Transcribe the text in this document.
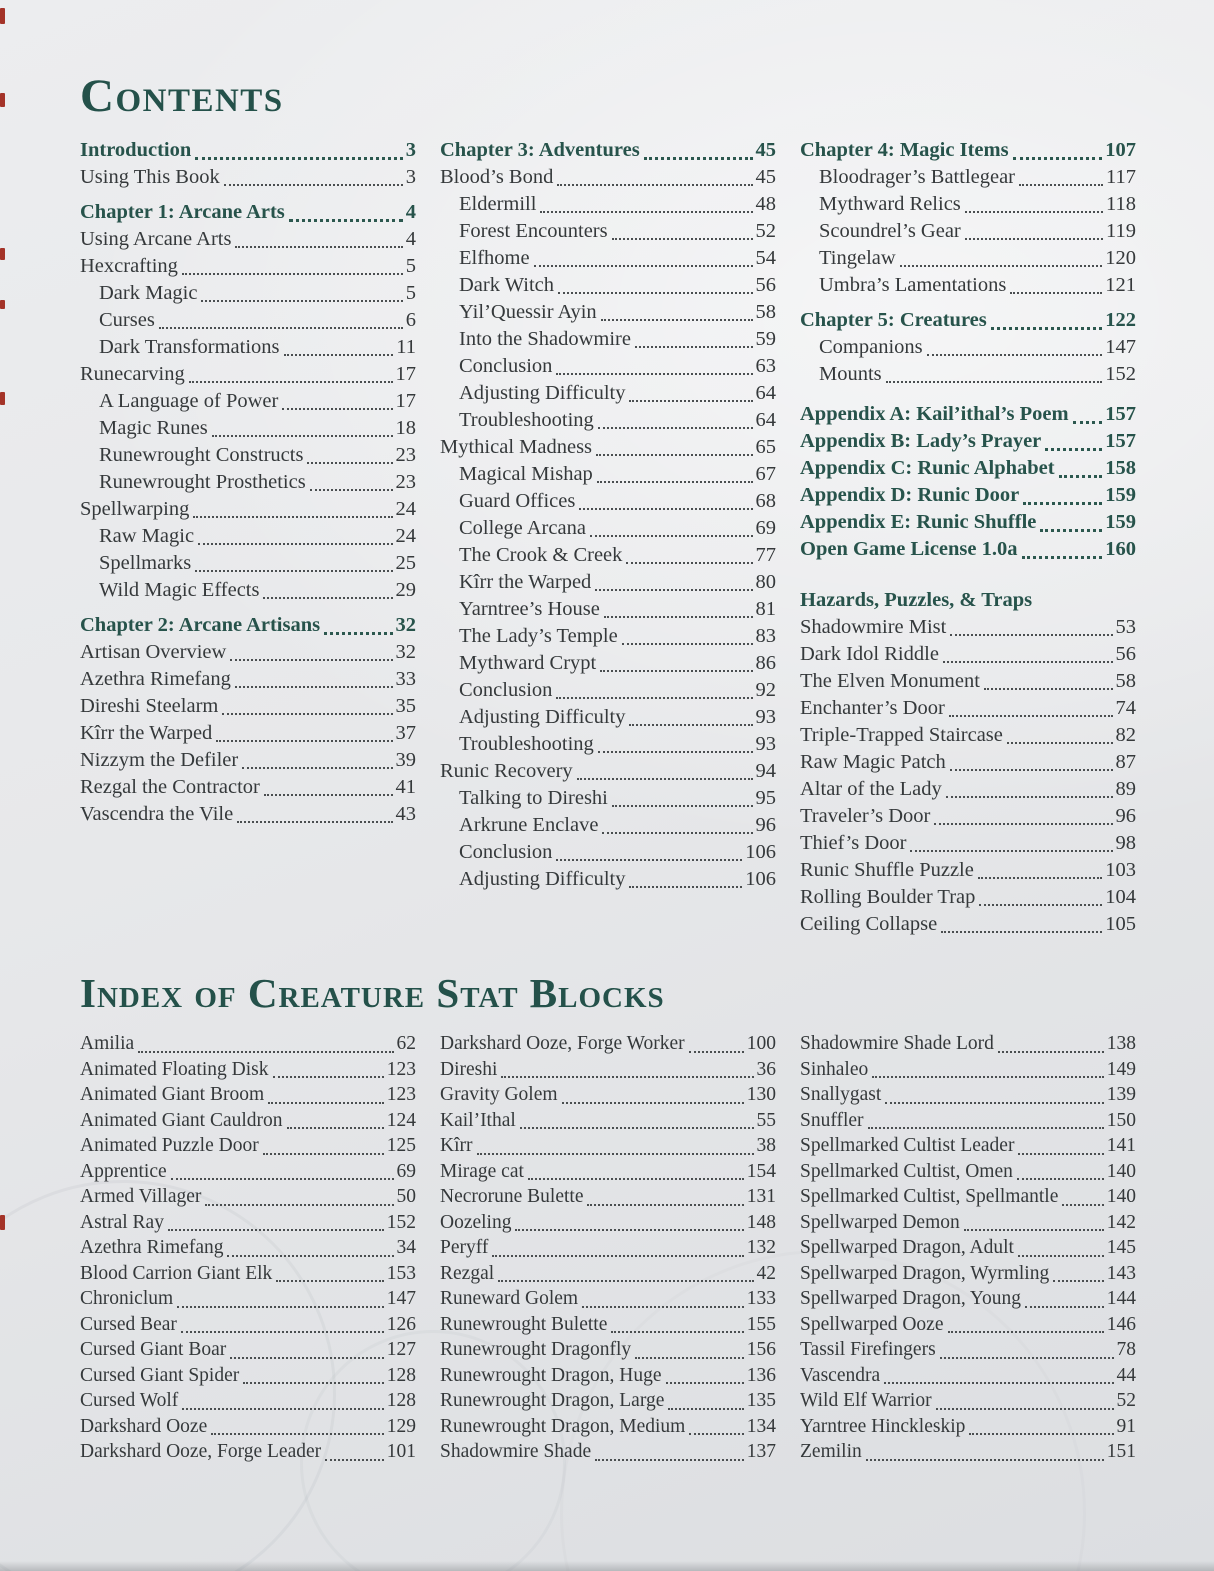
Contents
Introduction	3
Using This Book	3
Chapter 1: Arcane Arts	4
Using Arcane Arts	4
Hexcrafting	5
Dark Magic	5
Curses	6
Dark Transformations	11
Runecarving	17
A Language of Power	17
Magic Runes	18
Runewrought Constructs	23
Runewrought Prosthetics	23
Spellwarping	24
Raw Magic	24
Spellmarks	25
Wild Magic Effects	29
Chapter 2: Arcane Artisans	32
Artisan Overview	32
Azethra Rimefang	33
Direshi Steelarm	35
Kîrr the Warped	37
Nizzym the Defiler	39
Rezgal the Contractor	41
Vascendra the Vile	43
Chapter 3: Adventures	45
Blood’s Bond	45
Eldermill	48
Forest Encounters	52
Elfhome	54
Dark Witch	56
Yil’Quessir Ayin	58
Into the Shadowmire	59
Conclusion	63
Adjusting Difficulty	64
Troubleshooting	64
Mythical Madness	65
Magical Mishap	67
Guard Offices	68
College Arcana	69
The Crook & Creek	77
Kîrr the Warped	80
Yarntree’s House	81
The Lady’s Temple	83
Mythward Crypt	86
Conclusion	92
Adjusting Difficulty	93
Troubleshooting	93
Runic Recovery	94
Talking to Direshi	95
Arkrune Enclave	96
Conclusion	106
Adjusting Difficulty	106
Chapter 4: Magic Items	107
Bloodrager’s Battlegear	117
Mythward Relics	118
Scoundrel’s Gear	119
Tingelaw	120
Umbra’s Lamentations	121
Chapter 5: Creatures	122
Companions	147
Mounts	152
Appendix A: Kail’ithal’s Poem 157
Appendix B: Lady’s Prayer	157
Appendix C: Runic Alphabet 158
Appendix D: Runic Door	159
Appendix E: Runic Shuffle	159
Open Game License 1.0a	160
Hazards, Puzzles, & Traps
Shadowmire Mist	53
Dark Idol Riddle	56
The Elven Monument	58
Enchanter’s Door	74
Triple-Trapped Staircase	82
Raw Magic Patch	87
Altar of the Lady	89
Traveler’s Door	96
Thief’s Door	98
Runic Shuffle Puzzle	103
Rolling Boulder Trap	104
Ceiling Collapse	105
Index of Creature Stat Blocks
Amilia	62
Animated Floating Disk	123
Animated Giant Broom	123
Animated Giant Cauldron	124
Animated Puzzle Door	125
Apprentice	69
Armed Villager	50
Astral Ray	152
Azethra Rimefang	34
Blood Carrion Giant Elk	153
Chroniclum	147
Cursed Bear	126
Cursed Giant Boar	127
Cursed Giant Spider	128
Cursed Wolf	128
Darkshard Ooze	129
Darkshard Ooze, Forge Leader	101
Darkshard Ooze, Forge Worker	100
Direshi	36
Gravity Golem	130
Kail’Ithal	55
Kîrr	38
Mirage cat	154
Necrorune Bulette	131
Oozeling	148
Peryff	132
Rezgal	42
Runeward Golem	133
Runewrought Bulette	155
Runewrought Dragonfly	156
Runewrought Dragon, Huge	136
Runewrought Dragon, Large	135
Runewrought Dragon, Medium	134
Shadowmire Shade	137
Shadowmire Shade Lord	138
Sinhaleo	149
Snallygast	139
Snuffler	150
Spellmarked Cultist Leader	141
Spellmarked Cultist, Omen	140
Spellmarked Cultist, Spellmantle 140
Spellwarped Demon	142
Spellwarped Dragon, Adult	145
Spellwarped Dragon, Wyrmling	143
Spellwarped Dragon, Young	144
Spellwarped Ooze	146
Tassil Firefingers	78
Vascendra	44
Wild Elf Warrior	52
Yarntree Hinckleskip	91
Zemilin	151
